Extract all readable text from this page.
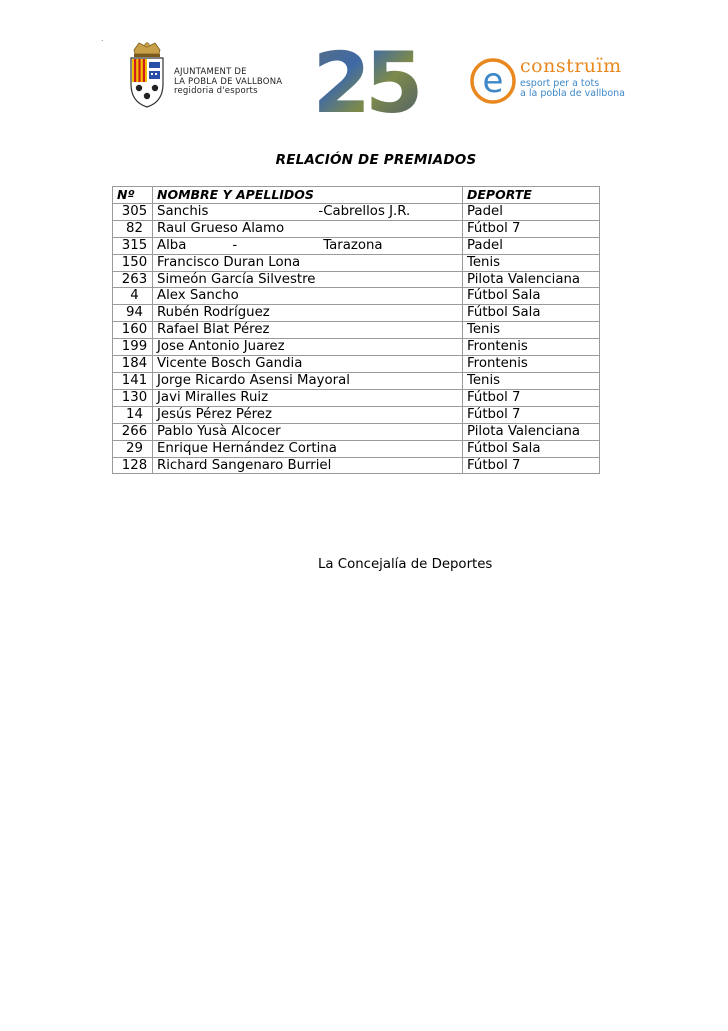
.
AJUNTAMENT DE
LA POBLA DE VALLBONA
regidoria d'esports 25 e construïm
esport per a tots
a la pobla de vallbona
RELACIÓN DE PREMIADOS
Nº	NOMBRE Y APELLIDOS	DEPORTE
305	Sanchis -Cabrellos J.R.	Padel
82	Raul Grueso Alamo	Fútbol 7
315	Alba - Tarazona	Padel
150	Francisco Duran Lona	Tenis
263	Simeón García Silvestre	Pilota Valenciana
4	Alex Sancho	Fútbol Sala
94	Rubén Rodríguez	Fútbol Sala
160	Rafael Blat Pérez	Tenis
199	Jose Antonio Juarez	Frontenis
184	Vicente Bosch Gandia	Frontenis
141	Jorge Ricardo Asensi Mayoral	Tenis
130	Javi Miralles Ruiz	Fútbol 7
14	Jesús Pérez Pérez	Fútbol 7
266	Pablo Yusà Alcocer	Pilota Valenciana
29	Enrique Hernández Cortina	Fútbol Sala
128	Richard Sangenaro Burriel	Fútbol 7
La Concejalía de Deportes
